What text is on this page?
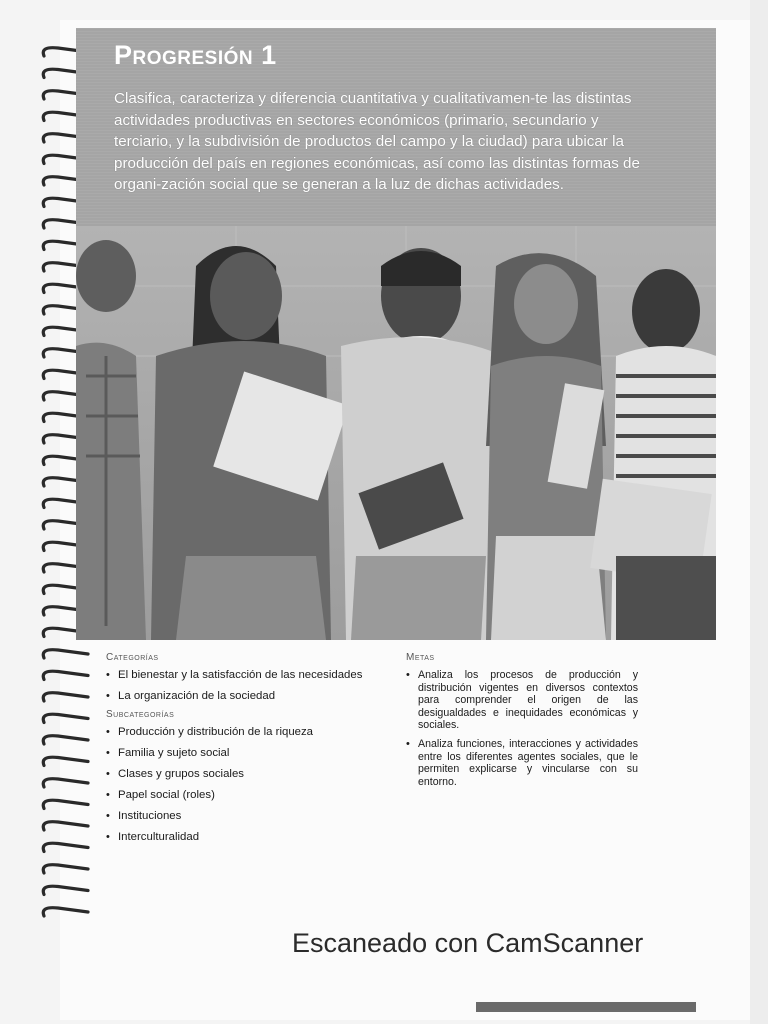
Progresión 1

Clasifica, caracteriza y diferencia cuantitativa y cualitativamen-te las distintas actividades productivas en sectores económicos (primario, secundario y terciario, y la subdivisión de productos del campo y la ciudad) para ubicar la producción del país en regiones económicas, así como las distintas formas de organi-zación social que se generan a la luz de dichas actividades.

Categorías

• El bienestar y la satisfacción de las necesidades
• La organización de la sociedad

Subcategorías

• Producción y distribución de la riqueza
• Familia y sujeto social
• Clases y grupos sociales
• Papel social (roles)
• Instituciones
• Interculturalidad

Metas

• Analiza los procesos de producción y distribución vigentes en diversos contextos para comprender el origen de las desigualdades e inequidades económicas y sociales.
• Analiza funciones, interacciones y actividades entre los diferentes agentes sociales, que le permiten explicarse y vincularse con su entorno.

Escaneado con CamScanner
